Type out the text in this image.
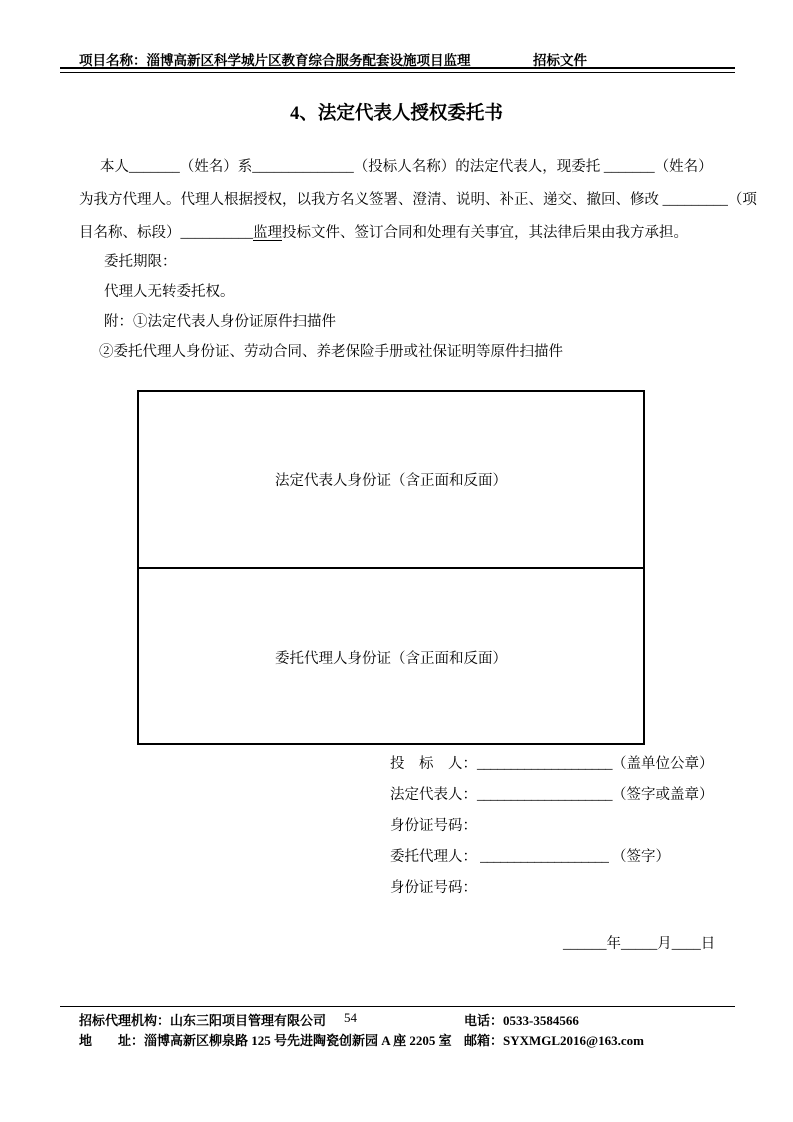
项目名称：淄博高新区科学城片区教育综合服务配套设施项目监理	招标文件
4、法定代表人授权委托书
本人_______（姓名）系______________（投标人名称）的法定代表人，现委托 _______（姓名）
为我方代理人。代理人根据授权，以我方名义签署、澄清、说明、补正、递交、撤回、修改 _________（项
目名称、标段）__________监理投标文件、签订合同和处理有关事宜，其法律后果由我方承担。
委托期限：
代理人无转委托权。
附：①法定代表人身份证原件扫描件
②委托代理人身份证、劳动合同、养老保险手册或社保证明等原件扫描件
法定代表人身份证（含正面和反面）
委托代理人身份证（含正面和反面）
投　标　人：____________________（盖单位公章）
法定代表人：____________________（签字或盖章）
身份证号码：
委托代理人： ___________________ （签字）
身份证号码：
______年_____月____日
招标代理机构：山东三阳项目管理有限公司 54	电话：0533-3584566
地　　址：淄博高新区柳泉路 125 号先进陶瓷创新园 A 座 2205 室 邮箱：SYXMGL2016@163.com
